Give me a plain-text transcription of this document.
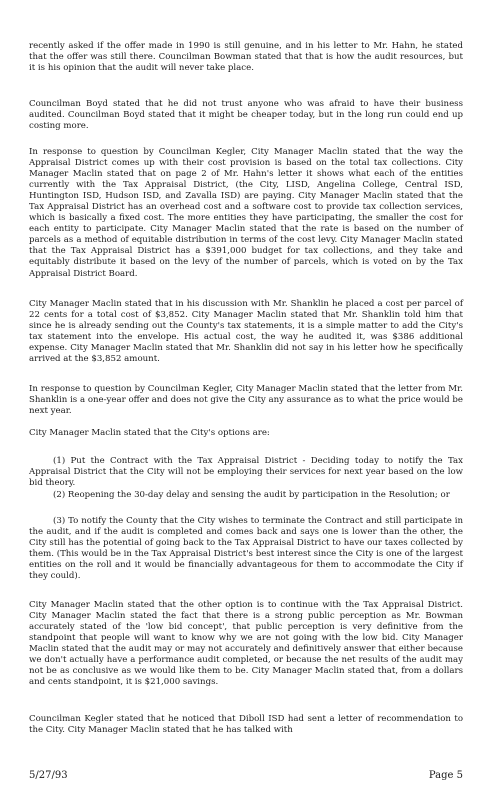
recently asked if the offer made in 1990 is still genuine, and in his letter to Mr. Hahn, he stated that the offer was still there. Councilman Bowman stated that that is how the audit resources, but it is his opinion that the audit will never take place.

Councilman Boyd stated that he did not trust anyone who was afraid to have their business audited. Councilman Boyd stated that it might be cheaper today, but in the long run could end up costing more.

In response to question by Councilman Kegler, City Manager Maclin stated that the way the Appraisal District comes up with their cost provision is based on the total tax collections. City Manager Maclin stated that on page 2 of Mr. Hahn's letter it shows what each of the entities currently with the Tax Appraisal District, (the City, LISD, Angelina College, Central ISD, Huntington ISD, Hudson ISD, and Zavalla ISD) are paying. City Manager Maclin stated that the Tax Appraisal District has an overhead cost and a software cost to provide tax collection services, which is basically a fixed cost. The more entities they have participating, the smaller the cost for each entity to participate. City Manager Maclin stated that the rate is based on the number of parcels as a method of equitable distribution in terms of the cost levy. City Manager Maclin stated that the Tax Appraisal District has a $391,000 budget for tax collections, and they take and equitably distribute it based on the levy of the number of parcels, which is voted on by the Tax Appraisal District Board.

City Manager Maclin stated that in his discussion with Mr. Shanklin he placed a cost per parcel of 22 cents for a total cost of $3,852. City Manager Maclin stated that Mr. Shanklin told him that since he is already sending out the County's tax statements, it is a simple matter to add the City's tax statement into the envelope. His actual cost, the way he audited it, was $386 additional expense. City Manager Maclin stated that Mr. Shanklin did not say in his letter how he specifically arrived at the $3,852 amount.

In response to question by Councilman Kegler, City Manager Maclin stated that the letter from Mr. Shanklin is a one-year offer and does not give the City any assurance as to what the price would be next year.

City Manager Maclin stated that the City's options are:

(1) Put the Contract with the Tax Appraisal District - Deciding today to notify the Tax Appraisal District that the City will not be employing their services for next year based on the low bid theory.

(2) Reopening the 30-day delay and sensing the audit by participation in the Resolution; or

(3) To notify the County that the City wishes to terminate the Contract and still participate in the audit, and if the audit is completed and comes back and says one is lower than the other, the City still has the potential of going back to the Tax Appraisal District to have our taxes collected by them. (This would be in the Tax Appraisal District's best interest since the City is one of the largest entities on the roll and it would be financially advantageous for them to accommodate the City if they could).

City Manager Maclin stated that the other option is to continue with the Tax Appraisal District. City Manager Maclin stated the fact that there is a strong public perception as Mr. Bowman accurately stated of the 'low bid concept', that public perception is very definitive from the standpoint that people will want to know why we are not going with the low bid. City Manager Maclin stated that the audit may or may not accurately and definitively answer that either because we don't actually have a performance audit completed, or because the net results of the audit may not be as conclusive as we would like them to be. City Manager Maclin stated that, from a dollars and cents standpoint, it is $21,000 savings.

Councilman Kegler stated that he noticed that Diboll ISD had sent a letter of recommendation to the City. City Manager Maclin stated that he has talked with

5/27/93	Page 5
